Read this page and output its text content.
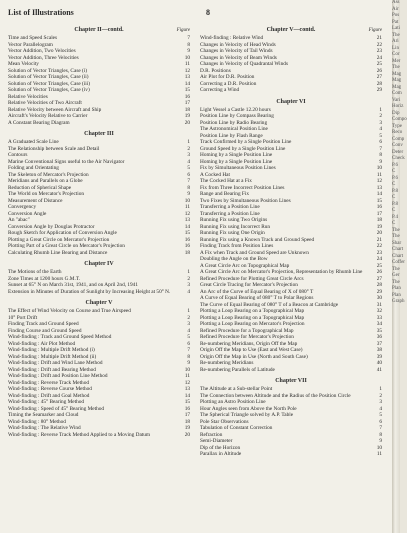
List of Illustrations	8
Chapter II—contd.	Figure
Time and Speed Scales	7
Vector Parallelogram	8
Vector Addition, Two Velocities	9
Vector Addition, Three Velocities	10
Mean Velocity	11
Solution of Vector Triangles, Case (i)	12
Solution of Vector Triangles, Case (ii)	13
Solution of Vector Triangles, Case (iii)	14
Solution of Vector Triangles, Case (iv)	15
Relative Velocities	16
Relative Velocities of Two Aircraft	17
Relative Velocity between Aircraft and Ship	18
Aircraft's Velocity Relative to Carrier	19
A Constant Bearing Diagram	20
Chapter III
A Graduated Scale Line	1
The Relationship between Scale and Detail	2
Contours	3
Marine Conventional Signs useful to the Air Navigator	4
Folding and Orientating	5
The Skeleton of Mercator's Projection	6
Meridians and Parallels on a Globe	7
Reduction of Spherical Shape	8
The World on Mercator's Projection	9
Measurement of Distance	10
Convergency	11
Conversion Angle	12
An "abac"	13
Conversion Angle by Douglas Protractor	14
Rough Sketch for Application of Conversion Angle	15
Plotting a Great Circle on Mercator's Projection	16
Plotting Part of a Great Circle on Mercator's Projection	16
Calculating Rhumb Line Bearing and Distance	18
Chapter IV
The Motions of the Earth	1
Zone Times at 1200 hours G.M.T.	2
Sunset at 65° N on March 31st, 1941, and on April 2nd, 1941	3
Extension in Minutes of Duration of Sunlight by Increasing Height at 50° N.	4
Chapter V
The Effect of Wind Velocity on Course and True Airspeed	1
10° Port Drift	2
Finding Track and Ground Speed	3
Finding Course and Ground Speed	4
Wind-finding : Track and Ground Speed Method	5
Wind-finding : Air Plot Method	6
Wind-finding : Multiple Drift Method (i)	7
Wind-finding : Multiple Drift Method (ii)	8
Wind-finding : Drift and Wind Lane Method	9
Wind-finding : Drift and Bearing Method	10
Wind-finding : Drift and Position Line Method	11
Wind-finding : Reverse Track Method	12
Wind-finding : Reverse Course Method	13
Wind-finding : Drift and Goal Method	14
Wind-finding : 45° Bearing Method	15
Wind-finding : Speed of 45° Bearing Method	16
Timing the Seamarker and Cloud	17
Wind-finding : 80° Method	18
Wind-finding : The Relative Wind	19
Wind-finding : Reverse Track Method Applied to a Moving Datum	20
Chapter V—contd.	Figure
Wind-finding : Relative Wind	21
Changes in Velocity of Head Winds	22
Changes in Velocity of Tail Winds	23
Changes in Velocity of Beam Winds	24
Changes in Velocity of Quadrantal Winds	25
D.R. Positions	26
Air Plot for D.R. Position	27
Correcting a D.R. Position	28
Correcting a Wind	29
Chapter VI
Light Vessel a Castle 12.20 hours	1
Position Line by Compass Bearing	2
Position Line by Radio Bearing	3
The Astronomical Position Line	4
Position Line by Flash Range	5
Track Confirmed by a Single Position Line	6
Ground Speed by a Single Position Line	7
Homing by a Single Position Line	8
Homing by a Single Position Line	9
Fix by Simultaneous Position Lines	10
A Cocked Hat	11
The Cocked Hat at a Fix	12
Fix from Three Incorrect Position Lines	13
Range and Bearing Fix	14
Two Fixes by Simultaneous Position Lines	15
Transferring a Position Line	16
Transferring a Position Line	17
Running Fix using Two Origins	18
Running Fix using Incorrect Run	19
Running Fix using One Origin	20
Running Fix using a Known Track and Ground Speed	21
Finding Track from Position Lines	22
A Fix when Track and Ground Speed are Unknown	23
Doubling the Angle on the Bow	24
A Great Circle Arc on Topographical Map	25
A Great Circle Arc on Mercator's Projection, Representation by Rhumb Line	26
Refined Procedure for Plotting Great Circle Arcs	27
Great Circle Tracing for Mercator's Projection	28
An Arc of the Curve of Equal Bearing of X of 080° T	29
A Curve of Equal Bearing of 080° T to Polar Regions	30
The Curve of Equal Bearing of 080° T of a Beacon at Cambridge	31
Plotting a Loop Bearing on a Topographical Map	32
Plotting a Loop Bearing on a Topographical Map	33
Plotting a Loop Bearing on Mercator's Projection	34
Refined Procedure for a Topographical Map	35
Refined Procedure for Mercator's Projection	36
Re-numbering Meridians, Origin Off the Map	37
Origin Off the Map to Use (East and West Case)	38
Origin Off the Map in Use (North and South Case)	39
Re-numbering Meridians	40
Re-numbering Parallels of Latitude	41
Chapter VII
The Altitude at a Sub-stellar Point	1
The Connection between Altitude and the Radius of the Position Circle	2
Plotting an Astro Position Line	3
Hour Angles seen from Above the North Pole	4
The Spherical Triangle solved by A.P. Table	5
Pole Star Observations	6
Tabulation of Constant Correction	7
Refraction	8
Semi-Diameter	9
Dip of the Horizon	10
Parallax in Altitude	11
Ass
Air
Pos
Pat
Lati
The
Ari
Lin
Cor
Mer
The
Mag
Mag
Mag
Com
Vari
Horiz
Dip
Compo
Type
Reco
Comp
Conv
Deter
Check
P.6 C
P.6 C
P.8 C
P.8 C
P.4 C
The
The
Shar
Chart
Chart
Coffer
The
Ger
The
Plan
Plan
Graph
